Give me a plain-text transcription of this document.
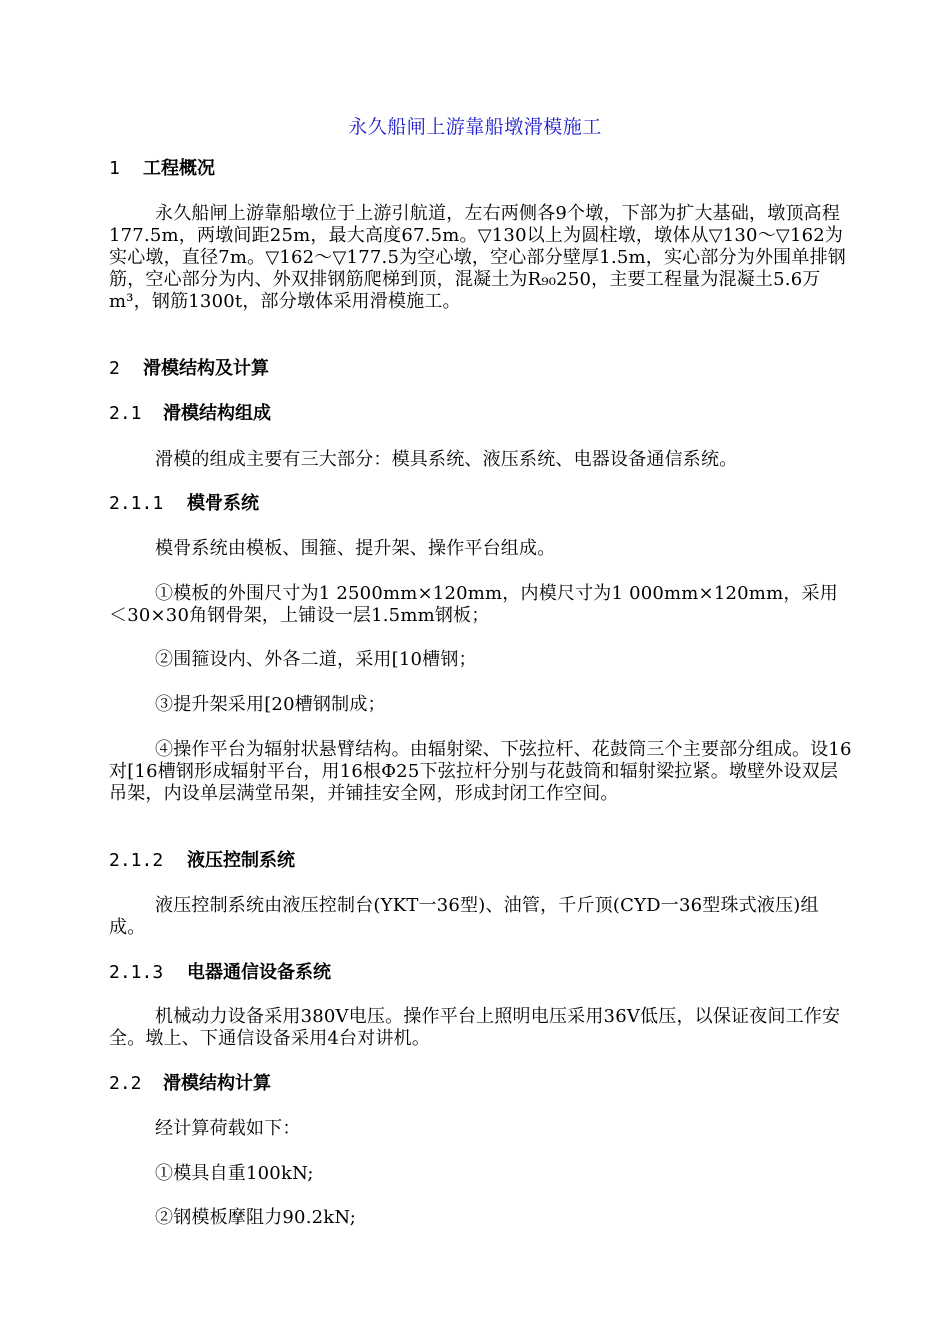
永久船闸上游靠船墩滑模施工
1 工程概况
永久船闸上游靠船墩位于上游引航道，左右两侧各9个墩，下部为扩大基础，墩顶高程177.5m，两墩间距25m，最大高度67.5m。▽130以上为圆柱墩，墩体从▽130～▽162为实心墩，直径7m。▽162～▽177.5为空心墩，空心部分壁厚1.5m，实心部分为外围单排钢筋，空心部分为内、外双排钢筋爬梯到顶，混凝土为R₉₀250，主要工程量为混凝土5.6万m³，钢筋1300t，部分墩体采用滑模施工。
2 滑模结构及计算
2.1 滑模结构组成
滑模的组成主要有三大部分：模具系统、液压系统、电器设备通信系统。
2.1.1 模骨系统
模骨系统由模板、围箍、提升架、操作平台组成。
①模板的外围尺寸为1 2500mm×120mm，内模尺寸为1 000mm×120mm，采用＜30×30角钢骨架，上铺设一层1.5mm钢板；
②围箍设内、外各二道，采用[10槽钢；
③提升架采用[20槽钢制成；
④操作平台为辐射状悬臂结构。由辐射梁、下弦拉杆、花鼓筒三个主要部分组成。设16对[16槽钢形成辐射平台，用16根Φ25下弦拉杆分别与花鼓筒和辐射梁拉紧。墩壁外设双层吊架，内设单层满堂吊架，并铺挂安全网，形成封闭工作空间。
2.1.2 液压控制系统
液压控制系统由液压控制台(YKT一36型)、油管，千斤顶(CYD一36型珠式液压)组成。
2.1.3 电器通信设备系统
机械动力设备采用380V电压。操作平台上照明电压采用36V低压，以保证夜间工作安全。墩上、下通信设备采用4台对讲机。
2.2 滑模结构计算
经计算荷载如下：
①模具自重100kN;
②钢模板摩阻力90.2kN;
